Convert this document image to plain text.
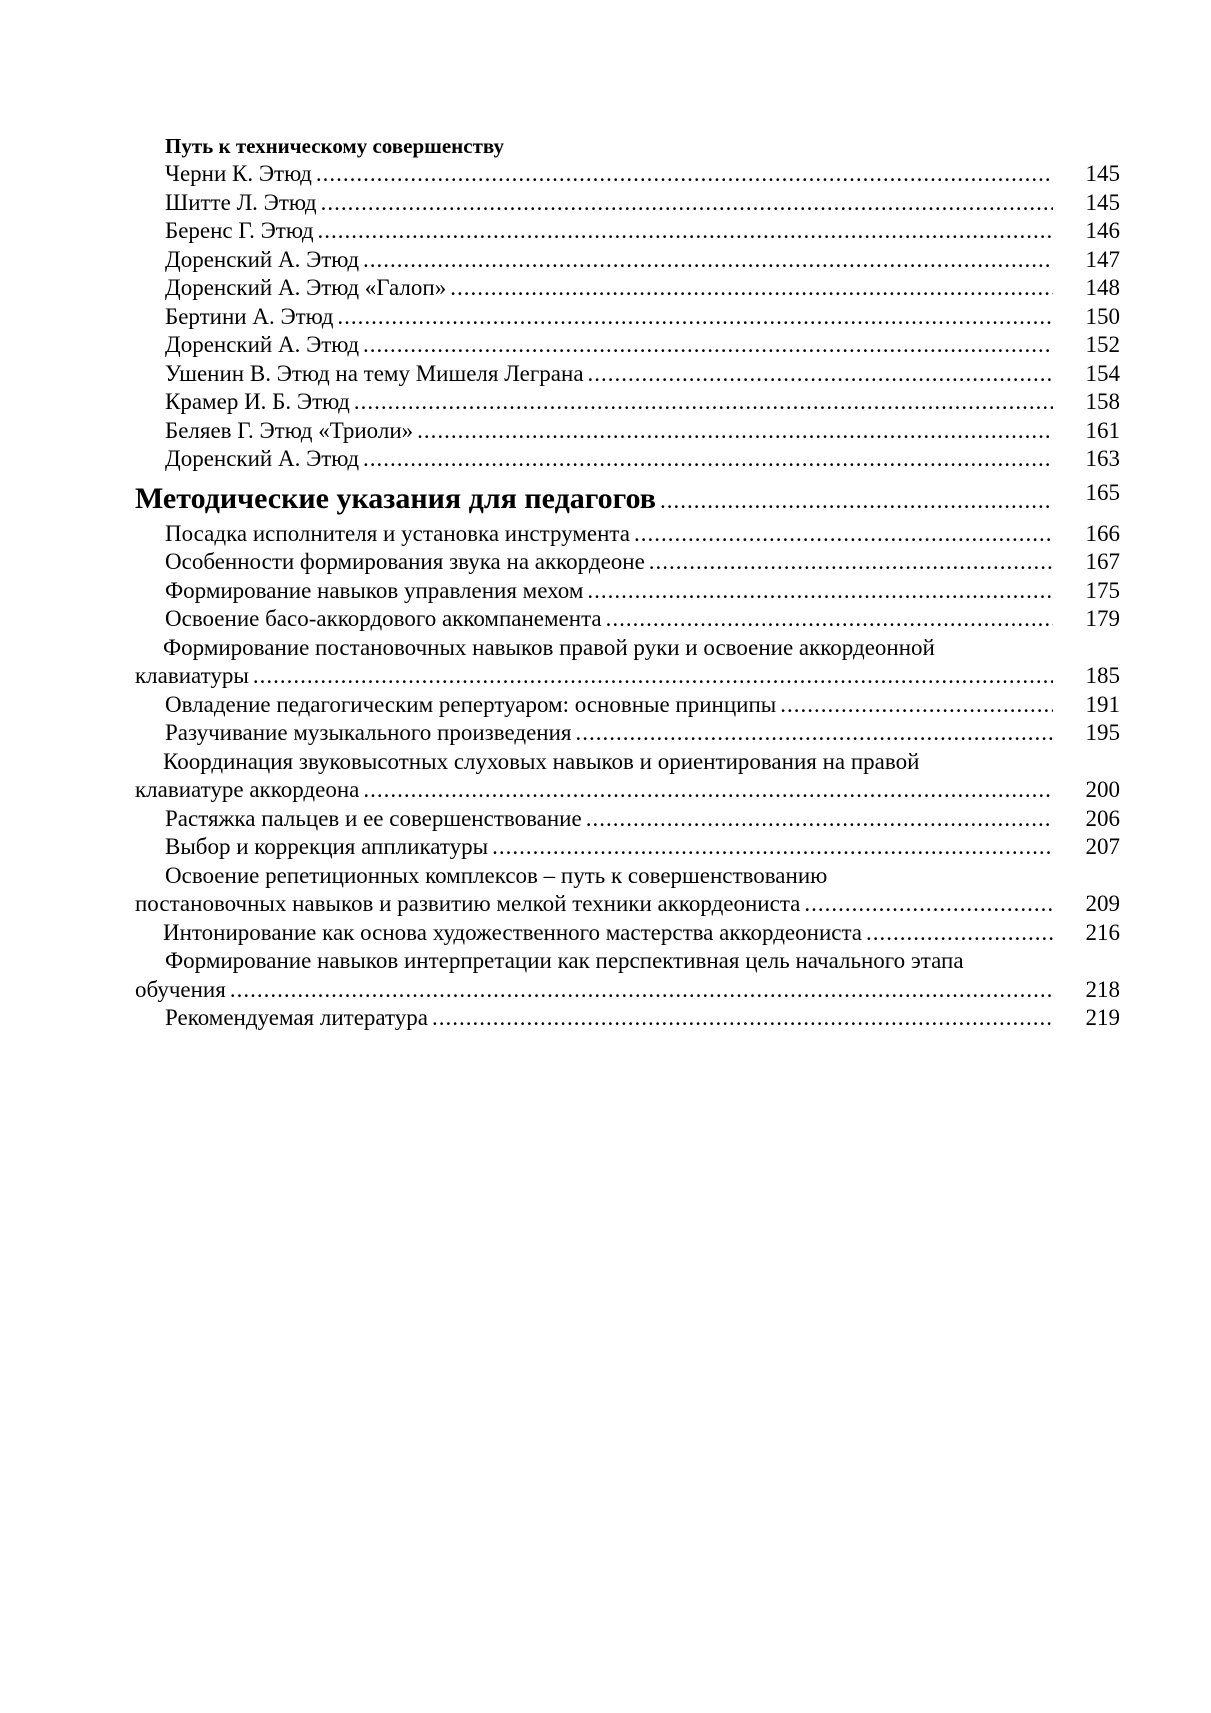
Путь к техническому совершенству
Черни К. Этюд .....	145
Шитте Л. Этюд .....	145
Беренс Г. Этюд .....	146
Доренский А. Этюд .....	147
Доренский А. Этюд «Галоп» .....	148
Бертини А. Этюд .....	150
Доренский А. Этюд .....	152
Ушенин В. Этюд на тему Мишеля Леграна .....	154
Крамер И. Б. Этюд .....	158
Беляев Г. Этюд «Триоли» .....	161
Доренский А. Этюд .....	163
Методические указания для педагогов .....	165
Посадка исполнителя и установка инструмента .....	166
Особенности формирования звука на аккордеоне .....	167
Формирование навыков управления мехом .....	175
Освоение басо-аккордового аккомпанемента .....	179
Формирование постановочных навыков правой руки и освоение аккордеонной
клавиатуры .....	185
Овладение педагогическим репертуаром: основные принципы .....	191
Разучивание музыкального произведения .....	195
Координация звуковысотных слуховых навыков и ориентирования на правой
клавиатуре аккордеона .....	200
Растяжка пальцев и ее совершенствование .....	206
Выбор и коррекция аппликатуры .....	207
Освоение репетиционных комплексов – путь к совершенствованию
постановочных навыков и развитию мелкой техники аккордеониста .....	209
Интонирование как основа художественного мастерства аккордеониста .....	216
Формирование навыков интерпретации как перспективная цель начального этапа
обучения .....	218
Рекомендуемая литература .....	219
